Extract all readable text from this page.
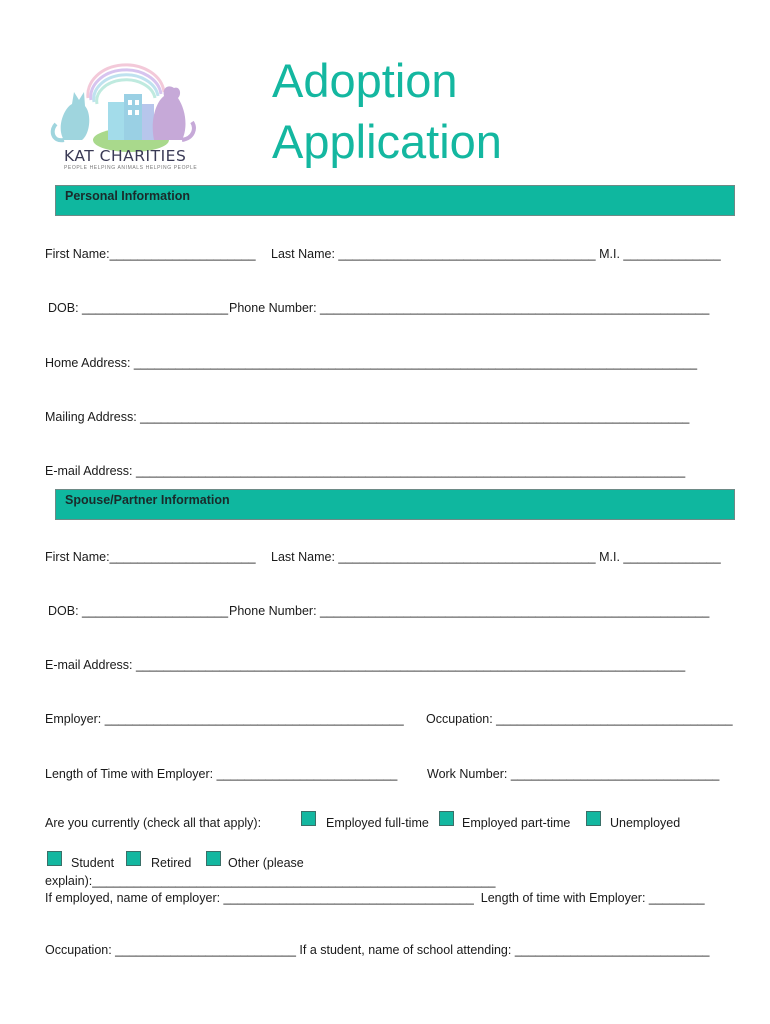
KAT CHARITIES
PEOPLE HELPING ANIMALS HELPING PEOPLE
Adoption
Application
Personal Information
First Name:_____________________ Last Name: _____________________________________ M.I. ______________
DOB: _____________________ Phone Number: ________________________________________________________
Home Address: _________________________________________________________________________________
Mailing Address: _______________________________________________________________________________
E-mail Address: _______________________________________________________________________________
Spouse/Partner Information
First Name:_____________________ Last Name: _____________________________________ M.I. ______________
DOB: _____________________ Phone Number: ________________________________________________________
E-mail Address: _______________________________________________________________________________
Employer: ___________________________________________ Occupation: __________________________________
Length of Time with Employer: __________________________ Work Number: ______________________________
Are you currently (check all that apply):	Employed full-time	Employed part-time	Unemployed
Student	Retired	Other (please
explain):__________________________________________________________
If employed, name of employer: ____________________________________  Length of time with Employer: ________
Occupation: __________________________ If a student, name of school attending: ____________________________
